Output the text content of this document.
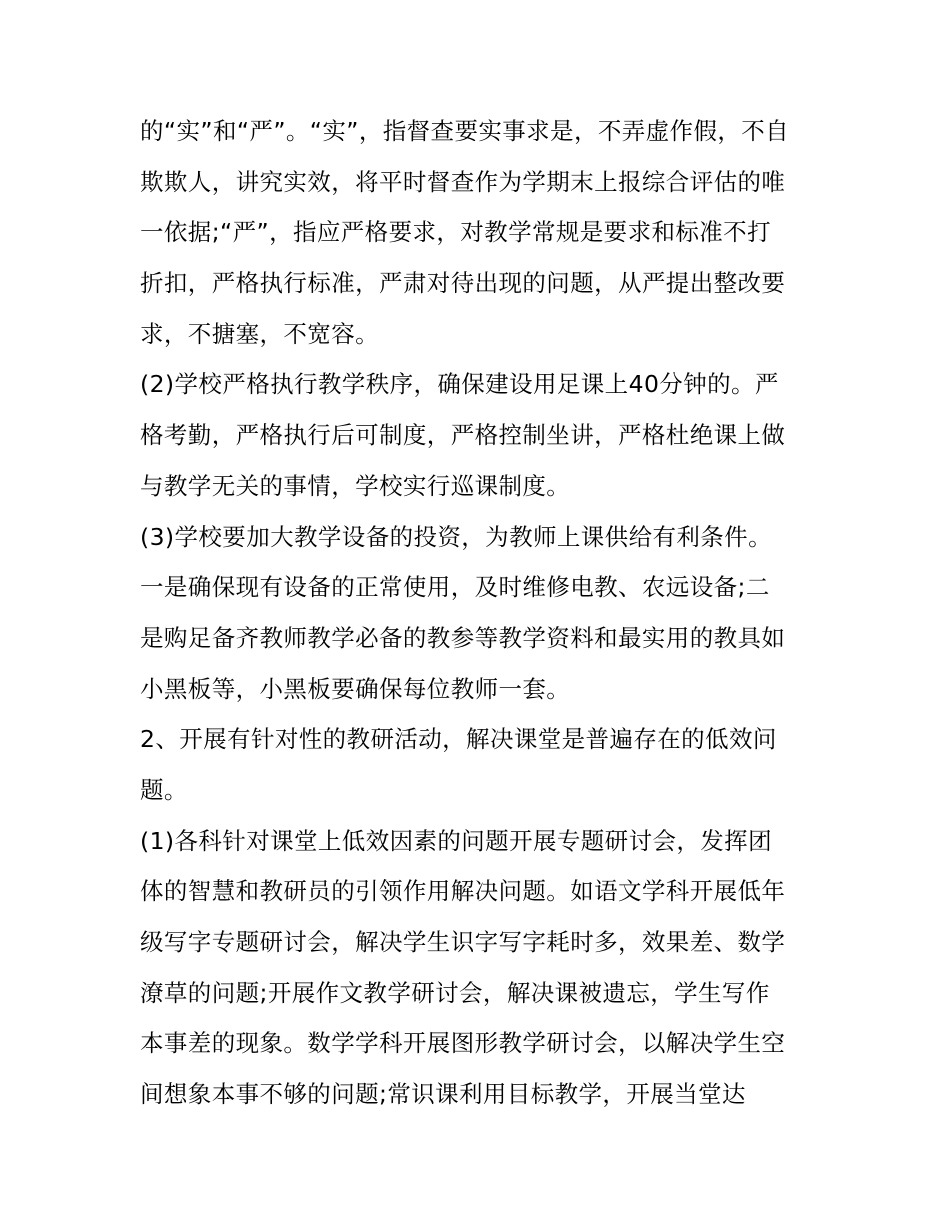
的“实”和“严”。“实”，指督查要实事求是，不弄虚作假，不自
欺欺人，讲究实效，将平时督查作为学期末上报综合评估的唯
一依据;“严”，指应严格要求，对教学常规是要求和标准不打
折扣，严格执行标准，严肃对待出现的问题，从严提出整改要
求，不搪塞，不宽容。
(2)学校严格执行教学秩序，确保建设用足课上40分钟的。严
格考勤，严格执行后可制度，严格控制坐讲，严格杜绝课上做
与教学无关的事情，学校实行巡课制度。
(3)学校要加大教学设备的投资，为教师上课供给有利条件。
一是确保现有设备的正常使用，及时维修电教、农远设备;二
是购足备齐教师教学必备的教参等教学资料和最实用的教具如
小黑板等，小黑板要确保每位教师一套。
2、开展有针对性的教研活动，解决课堂是普遍存在的低效问
题。
(1)各科针对课堂上低效因素的问题开展专题研讨会，发挥团
体的智慧和教研员的引领作用解决问题。如语文学科开展低年
级写字专题研讨会，解决学生识字写字耗时多，效果差、数学
潦草的问题;开展作文教学研讨会，解决课被遗忘，学生写作
本事差的现象。数学学科开展图形教学研讨会，以解决学生空
间想象本事不够的问题;常识课利用目标教学，开展当堂达
